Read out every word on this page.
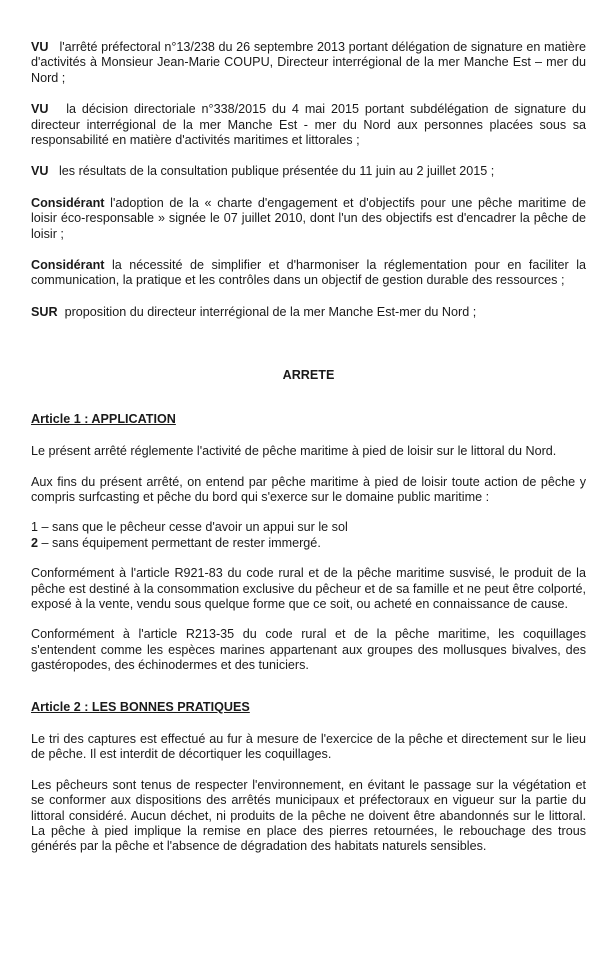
VU l'arrêté préfectoral n°13/238 du 26 septembre 2013 portant délégation de signature en matière d'activités à Monsieur Jean-Marie COUPU, Directeur interrégional de la mer Manche Est – mer du Nord ;

VU la décision directoriale n°338/2015 du 4 mai 2015 portant subdélégation de signature du directeur interrégional de la mer Manche Est - mer du Nord aux personnes placées sous sa responsabilité en matière d'activités maritimes et littorales ;

VU les résultats de la consultation publique présentée du 11 juin au 2 juillet 2015 ;

Considérant l'adoption de la « charte d'engagement et d'objectifs pour une pêche maritime de loisir éco-responsable » signée le 07 juillet 2010, dont l'un des objectifs est d'encadrer la pêche de loisir ;

Considérant la nécessité de simplifier et d'harmoniser la réglementation pour en faciliter la communication, la pratique et les contrôles dans un objectif de gestion durable des ressources ;

SUR proposition du directeur interrégional de la mer Manche Est-mer du Nord ;

ARRETE

Article 1 : APPLICATION

Le présent arrêté réglemente l'activité de pêche maritime à pied de loisir sur le littoral du Nord.

Aux fins du présent arrêté, on entend par pêche maritime à pied de loisir toute action de pêche y compris surfcasting et pêche du bord qui s'exerce sur le domaine public maritime :

1 – sans que le pêcheur cesse d'avoir un appui sur le sol

2 – sans équipement permettant de rester immergé.

Conformément à l'article R921-83 du code rural et de la pêche maritime susvisé, le produit de la pêche est destiné à la consommation exclusive du pêcheur et de sa famille et ne peut être colporté, exposé à la vente, vendu sous quelque forme que ce soit, ou acheté en connaissance de cause.

Conformément à l'article R213-35 du code rural et de la pêche maritime, les coquillages s'entendent comme les espèces marines appartenant aux groupes des mollusques bivalves, des gastéropodes, des échinodermes et des tuniciers.

Article 2 : LES BONNES PRATIQUES

Le tri des captures est effectué au fur à mesure de l'exercice de la pêche et directement sur le lieu de pêche. Il est interdit de décortiquer les coquillages.

Les pêcheurs sont tenus de respecter l'environnement, en évitant le passage sur la végétation et se conformer aux dispositions des arrêtés municipaux et préfectoraux en vigueur sur la partie du littoral considéré. Aucun déchet, ni produits de la pêche ne doivent être abandonnés sur le littoral. La pêche à pied implique la remise en place des pierres retournées, le rebouchage des trous générés par la pêche et l'absence de dégradation des habitats naturels sensibles.
